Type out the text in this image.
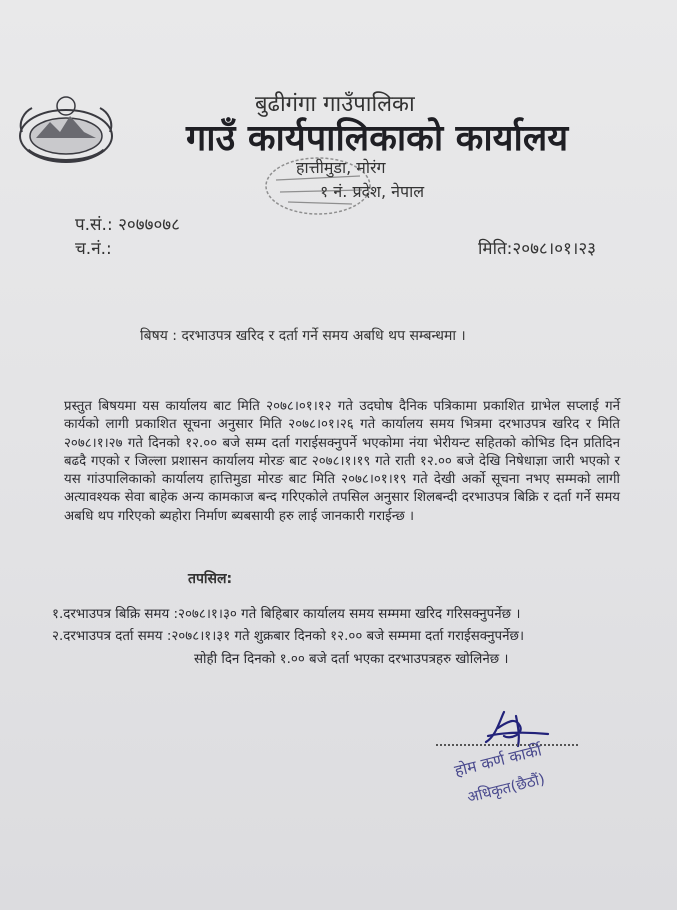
बुढीगंगा गाउँपालिका
गाउँ कार्यपालिकाको कार्यालय
हात्तीमुडा, मोरंग
१ नं. प्रदेश, नेपाल
प.सं.: २०७७०७८
च.नं.:	मिति:२०७८।०१।२३
बिषय : दरभाउपत्र खरिद र दर्ता गर्ने समय अबधि थप सम्बन्धमा ।
प्रस्तुत बिषयमा यस कार्यालय बाट मिति २०७८।०१।१२ गते उदघोष दैनिक पत्रिकामा प्रकाशित ग्राभेल सप्लाई गर्ने कार्यको लागी प्रकाशित सूचना अनुसार मिति २०७८।०१।२६ गते कार्यालय समय भित्रमा दरभाउपत्र खरिद र मिति २०७८।१।२७ गते दिनको १२.०० बजे सम्म दर्ता गराईसक्नुपर्ने भएकोमा नंया भेरीयन्ट सहितको कोभिड दिन प्रतिदिन बढदै गएको र जिल्ला प्रशासन कार्यालय मोरङ बाट २०७८।१।१९ गते राती १२.०० बजे देखि निषेधाज्ञा जारी भएको र यस गांउपालिकाको कार्यालय हात्तिमुडा मोरङ बाट मिति २०७८।०१।१९ गते देखी अर्को सूचना नभए सम्मको लागी अत्यावश्यक सेवा बाहेक अन्य कामकाज बन्द गरिएकोले तपसिल अनुसार शिलबन्दी दरभाउपत्र बिक्रि र दर्ता गर्ने समय अबधि थप गरिएको ब्यहोरा निर्माण ब्यबसायी हरु लाई जानकारी गराईन्छ ।
तपसिल:
१.दरभाउपत्र बिक्रि समय :२०७८।१।३० गते बिहिबार कार्यालय समय सम्ममा खरिद गरिसक्नुपर्नेछ ।
२.दरभाउपत्र दर्ता समय :२०७८।१।३१ गते शुक्रबार दिनको १२.०० बजे सम्ममा दर्ता गराईसक्नुपर्नेछ।
सोही दिन दिनको १.०० बजे दर्ता भएका दरभाउपत्रहरु खोलिनेछ ।
होम कर्ण कार्की
अधिकृत(छैठौं)
